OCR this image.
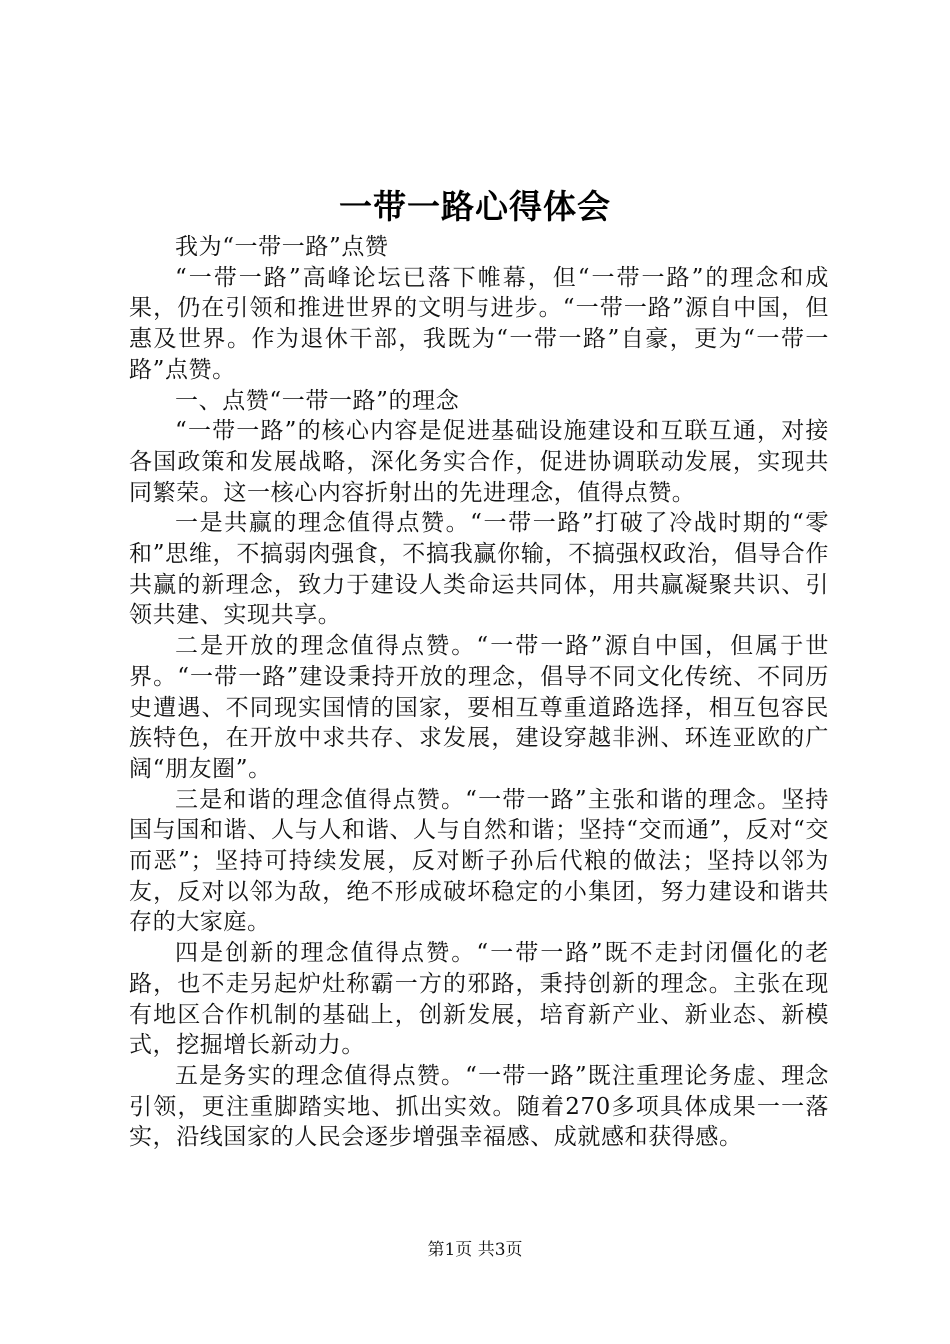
一带一路心得体会

我为“一带一路”点赞

“一带一路”高峰论坛已落下帷幕，但“一带一路”的理念和成果，仍在引领和推进世界的文明与进步。“一带一路”源自中国，但惠及世界。作为退休干部，我既为“一带一路”自豪，更为“一带一路”点赞。

一、点赞“一带一路”的理念

“一带一路”的核心内容是促进基础设施建设和互联互通，对接各国政策和发展战略，深化务实合作，促进协调联动发展，实现共同繁荣。这一核心内容折射出的先进理念，值得点赞。

一是共赢的理念值得点赞。“一带一路”打破了冷战时期的“零和”思维，不搞弱肉强食，不搞我赢你输，不搞强权政治，倡导合作共赢的新理念，致力于建设人类命运共同体，用共赢凝聚共识、引领共建、实现共享。

二是开放的理念值得点赞。“一带一路”源自中国，但属于世界。“一带一路”建设秉持开放的理念，倡导不同文化传统、不同历史遭遇、不同现实国情的国家，要相互尊重道路选择，相互包容民族特色，在开放中求共存、求发展，建设穿越非洲、环连亚欧的广阔“朋友圈”。

三是和谐的理念值得点赞。“一带一路”主张和谐的理念。坚持国与国和谐、人与人和谐、人与自然和谐；坚持“交而通”，反对“交而恶”；坚持可持续发展，反对断子孙后代粮的做法；坚持以邻为友，反对以邻为敌，绝不形成破坏稳定的小集团，努力建设和谐共存的大家庭。

四是创新的理念值得点赞。“一带一路”既不走封闭僵化的老路，也不走另起炉灶称霸一方的邪路，秉持创新的理念。主张在现有地区合作机制的基础上，创新发展，培育新产业、新业态、新模式，挖掘增长新动力。

五是务实的理念值得点赞。“一带一路”既注重理论务虚、理念引领，更注重脚踏实地、抓出实效。随着270多项具体成果一一落实，沿线国家的人民会逐步增强幸福感、成就感和获得感。

第1页 共3页
